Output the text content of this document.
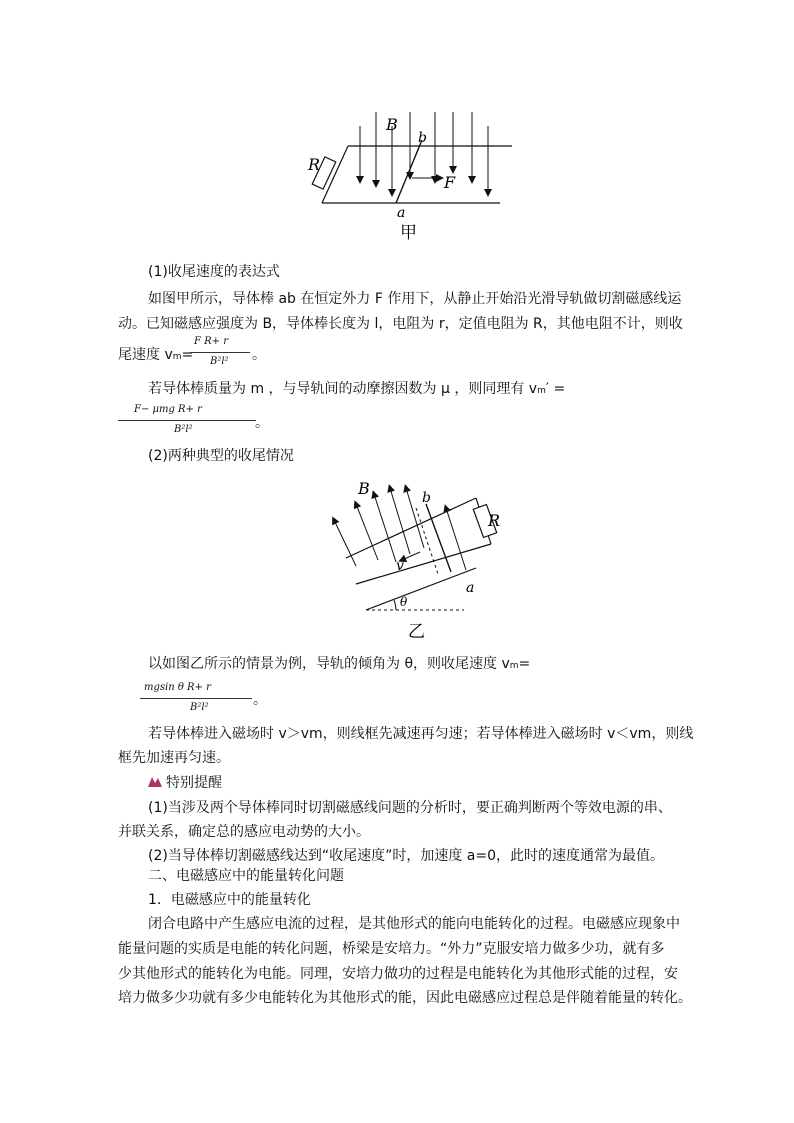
B
b
R
F
a
甲
(1)收尾速度的表达式
如图甲所示，导体棒 ab 在恒定外力 F 作用下，从静止开始沿光滑导轨做切割磁感线运
动。已知磁感应强度为 B，导体棒长度为 l，电阻为 r，定值电阻为 R，其他电阻不计，则收
尾速度 vm=
F R+ r
B²l² 。
若导体棒质量为 m ，与导轨间的动摩擦因数为 μ ，则同理有 vm′ =
F− μmg R+ r
B²l²	。
(2)两种典型的收尾情况
B	b
R
v
a
θ
乙
以如图乙所示的情景为例，导轨的倾角为 θ，则收尾速度 vm=
mgsin θ R+ r
B²l²	。
若导体棒进入磁场时 v＞vm，则线框先减速再匀速；若导体棒进入磁场时 v＜vm，则线
框先加速再匀速。
特别提醒
(1)当涉及两个导体棒同时切割磁感线问题的分析时，要正确判断两个等效电源的串、
并联关系，确定总的感应电动势的大小。
(2)当导体棒切割磁感线达到“收尾速度”时，加速度 a=0，此时的速度通常为最值。
二、电磁感应中的能量转化问题
1．电磁感应中的能量转化
闭合电路中产生感应电流的过程，是其他形式的能向电能转化的过程。电磁感应现象中
能量问题的实质是电能的转化问题，桥梁是安培力。“外力”克服安培力做多少功，就有多
少其他形式的能转化为电能。同理，安培力做功的过程是电能转化为其他形式能的过程，安
培力做多少功就有多少电能转化为其他形式的能，因此电磁感应过程总是伴随着能量的转化。
